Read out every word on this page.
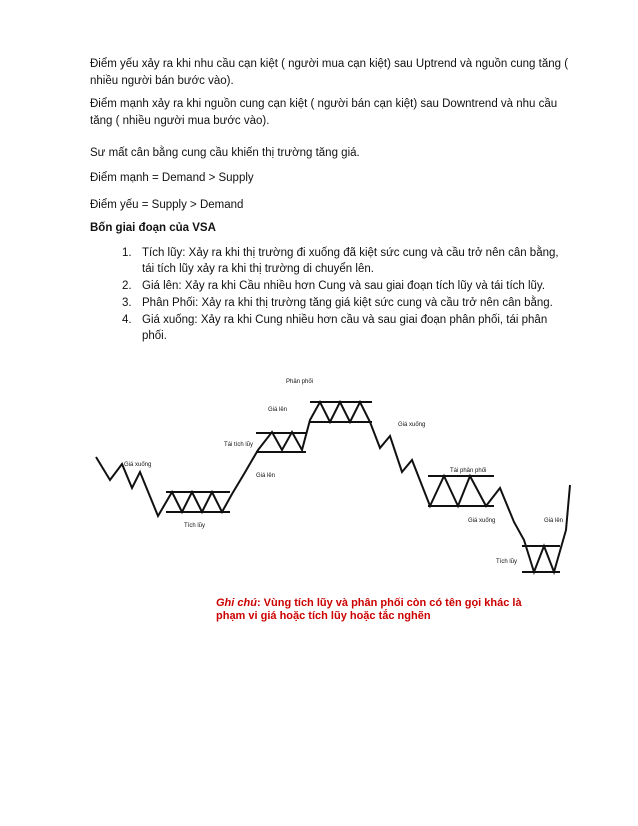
Điểm yếu xảy ra khi nhu cầu cạn kiệt ( người mua cạn kiệt) sau Uptrend và nguồn cung tăng ( nhiều người bán bước vào).

Điểm mạnh xảy ra khi nguồn cung cạn kiệt ( người bán cạn kiệt) sau Downtrend và nhu cầu tăng ( nhiều người mua bước vào).

Sư mất cân bằng cung cầu khiến thị trường tăng giá.

Điểm mạnh = Demand > Supply

Điểm yếu = Supply > Demand

Bốn giai đoạn của VSA

1. Tích lũy: Xảy ra khi thị trường đi xuống đã kiệt sức cung và cầu trở nên cân bằng, tái tích lũy xảy ra khi thị trường di chuyển lên.
2. Giá lên: Xảy ra khi Cầu nhiều hơn Cung và sau giai đoạn tích lũy và tái tích lũy.
3. Phân Phối: Xảy ra khi thị trường tăng giá kiệt sức cung và cầu trở nên cân bằng.
4. Giá xuống: Xảy ra khi Cung nhiều hơn cầu và sau giai đoạn phân phối, tái phân phối.
Phân phối
Giá lên
Giá xuống
Tái tích lũy
Giá xuống
Giá lên
Tái phân phối
Tích lũy
Giá xuống	Giá lên
Tích lũy

Ghi chú: Vùng tích lũy và phân phối còn có tên gọi khác là
phạm vi giá hoặc tích lũy hoặc tắc nghẽn
